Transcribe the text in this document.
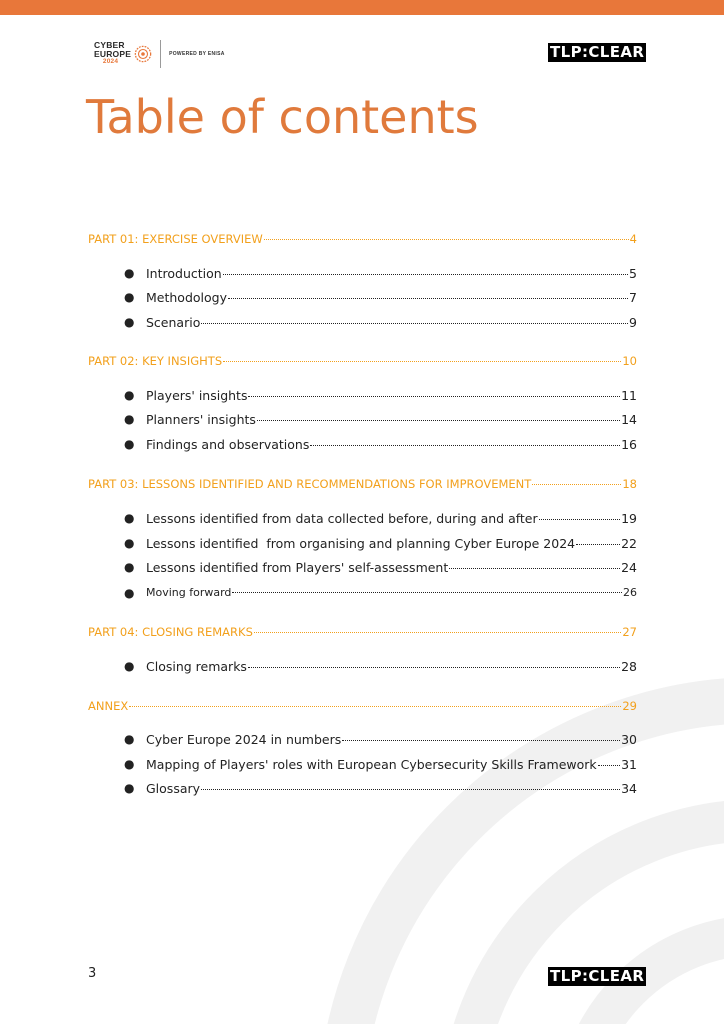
CYBER
EUROPE
2024
POWERED BY ENISA	TLP:CLEAR
Table of contents
PART 01: EXERCISE OVERVIEW	4
● Introduction	5
● Methodology	7
● Scenario	9
PART 02: KEY INSIGHTS	10
● Players' insights	11
● Planners' insights	14
● Findings and observations	16
PART 03: LESSONS IDENTIFIED AND RECOMMENDATIONS FOR IMPROVEMENT	18
● Lessons identified from data collected before, during and after	19
● Lessons identified  from organising and planning Cyber Europe 2024	22
● Lessons identified from Players' self-assessment	24
● Moving forward	26
PART 04: CLOSING REMARKS	27
● Closing remarks	28
ANNEX	29
● Cyber Europe 2024 in numbers	30
● Mapping of Players' roles with European Cybersecurity Skills Framework 31
● Glossary	34
3	TLP:CLEAR
